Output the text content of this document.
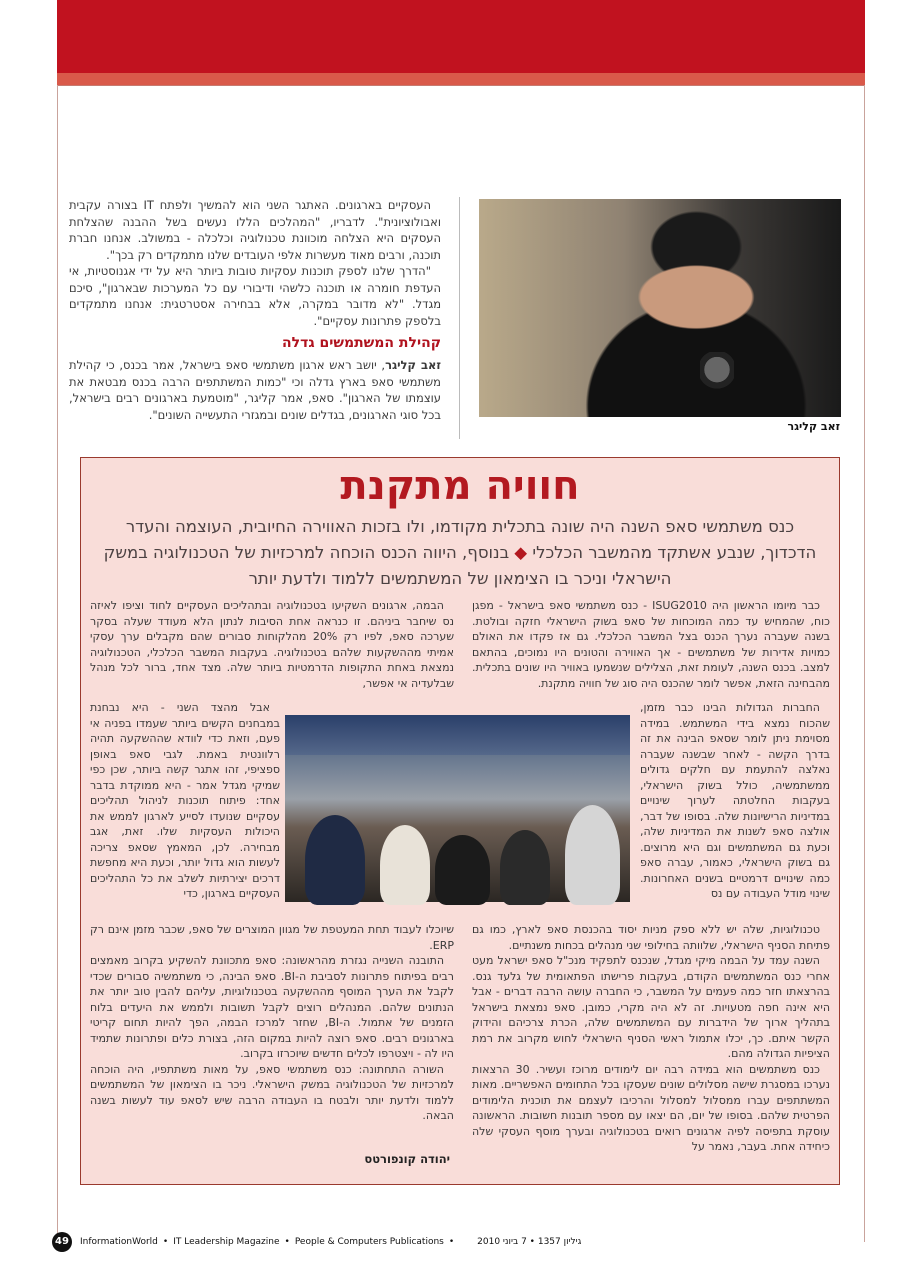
העסקיים בארגונים. האתגר השני הוא להמשיך ולפתח IT בצורה עקבית ואבולוציונית". לדבריו, "המהלכים הללו נעשים בשל ההבנה שהצלחת העסקים היא הצלחה מוכוונת טכנולוגיה וכלכלה - במשולב. אנחנו חברת תוכנה, ורבים מאוד מעשרות אלפי העובדים שלנו מתמקדים רק בכך".

"הדרך שלנו לספק תוכנות עסקיות טובות ביותר היא על ידי אגנוסטיות, אי העדפת חומרה או תוכנה כלשהי ודיבורי עם כל המערכות שבארגון", סיכם מגדל. "לא מדובר במקרה, אלא בבחירה אסטרטגית: אנחנו מתמקדים בלספק פתרונות עסקיים".

קהילת המשתמשים גדלה

זאב קליגר, יושב ראש ארגון משתמשי סאפ בישראל, אמר בכנס, כי קהילת משתמשי סאפ בארץ גדלה וכי "כמות המשתתפים הרבה בכנס מבטאת את עוצמתו של הארגון". סאפ, אמר קליגר, "מוטמעת בארגונים רבים בישראל, בכל סוגי הארגונים, בגדלים שונים ובמגזרי התעשייה השונים".

זאב קליגר
חוויה מתקנת
כנס משתמשי סאפ השנה היה שונה בתכלית מקודמו, ולו בזכות האווירה החיובית, העוצמה והעדר הדכדוך, שנבע אשתקד מהמשבר הכלכלי ◆ בנוסף, היווה הכנס הוכחה למרכזיות של הטכנולוגיה במשק הישראלי וניכר בו הצימאון של המשתמשים ללמוד ולדעת יותר

כבר מיומו הראשון היה ISUG2010 - כנס משתמשי סאפ בישראל - מפגן כוח, שהמחיש עד כמה המוכחות של סאפ בשוק הישראלי חזקה ובולטת. בשנה שעברה נערך הכנס בצל המשבר הכלכלי. גם אז פקדו את האולם כמויות אדירות של משתמשים - אך האווירה והטונים היו נמוכים, בהתאם למצב. בכנס השנה, לעומת זאת, הצלילים שנשמעו באוויר היו שונים בתכלית. מהבחינה הזאת, אפשר לומר שהכנס היה סוג של חוויה מתקנת.

החברות הגדולות הבינו כבר מזמן, שהכוח נמצא בידי המשתמש. במידה מסוימת ניתן לומר שסאפ הבינה את זה בדרך הקשה - לאחר שבשנה שעברה נאלצה להתעמת עם חלקים גדולים ממשתמשיה, כולל בשוק הישראלי, בעקבות החלטתה לערוך שינויים במדיניות הרישיונות שלה. בסופו של דבר, אולצה סאפ לשנות את המדיניות שלה, וכעת גם המשתמשים וגם היא מרוצים. גם בשוק הישראלי, כאמור, עברה סאפ כמה שינויים דרמטיים בשנים האחרונות. שינוי מודל העבודה עם נס

טכנולוגיות, שלה יש ללא ספק מניות יסוד בהכנסת סאפ לארץ, כמו גם פתיחת הסניף הישראלי, שלוותה בחילופי שני מנהלים בכחות משנתיים.

השנה עמד על הבמה מיקי מגדל, שנכנס לתפקיד מנכ"ל סאפ ישראל מעט אחרי כנס המשתמשים הקודם, בעקבות פרישתו הפתאומית של גלעד גנס. בהרצאתו חזר כמה פעמים על המשבר, כי החברה עושה הרבה דברים - אבל היא אינה חפה מטעויות. זה לא היה מקרי, כמובן. סאפ נמצאת בישראל בתהליך ארוך של הידברות עם המשתמשים שלה, הכרת צרכיהם והידוק הקשר איתם. כך, יכלו אתמול ראשי הסניף הישראלי לחוש מקרוב את רמת הציפיות הגדולה מהם.

כנס משתמשים הוא במידה רבה יום לימודים מרוכז ועשיר. 30 הרצאות נערכו במסגרת שישה מסלולים שונים שעסקו בכל התחומים האפשריים. מאות המשתתפים עברו ממסלול למסלול והרכיבו לעצמם את תוכנית הלימודים הפרטית שלהם. בסופו של יום, הם יצאו עם מספר תובנות חשובות. הראשונה עוסקת בתפיסה לפיה ארגונים רואים בטכנולוגיה ובערך מוסף העסקי שלה כיחידה אחת. בעבר, נאמר על

הבמה, ארגונים השקיעו בטכנולוגיה ובתהליכים העסקיים לחוד וציפו לאיזה נס שיחבר ביניהם. זו כנראה אחת הסיבות לנתון הלא מעודד שעלה בסקר שערכה סאפ, לפיו רק 20% מהלקוחות סבורים שהם מקבלים ערך עסקי אמיתי מההשקעות שלהם בטכנולוגיה. בעקבות המשבר הכלכלי, הטכנולוגיה נמצאת באחת התקופות הדרמטיות ביותר שלה. מצד אחד, ברור לכל מנהל שבלעדיה אי אפשר,

אבל מהצד השני - היא נבחנת במבחנים הקשים ביותר שעמדו בפניה אי פעם, וזאת כדי לוודא שההשקעה תהיה רלוונטית באמת. לגבי סאפ באופן ספציפי, זהו אתגר קשה ביותר, שכן כפי שמיקי מגדל אמר - היא ממוקדת בדבר אחד: פיתוח תוכנות לניהול תהליכים עסקיים שנועדו לסייע לארגון לממש את היכולות העסקיות שלו. זאת, אגב מבחירה. לכן, המאמץ שסאפ צריכה לעשות הוא גדול יותר, וכעת היא מחפשת דרכים יצירתיות לשלב את כל התהליכים העסקיים בארגון, כדי

שיוכלו לעבוד תחת המעטפת של מגוון המוצרים של סאפ, שכבר מזמן אינם רק ERP.

התובנה השנייה נגזרת מהראשונה: סאפ מתכוונת להשקיע בקרוב מאמצים רבים בפיתוח פתרונות לסביבת ה-BI. סאפ הבינה, כי משתמשיה סבורים שכדי לקבל את הערך המוסף מההשקעה בטכנולוגיות, עליהם להבין טוב יותר את הנתונים שלהם. המנהלים רוצים לקבל תשובות ולממש את היעדים בלוח הזמנים של אתמול. ה-BI, שחזר למרכז הבמה, הפך להיות תחום קריטי בארגונים רבים. סאפ רוצה להיות במקום הזה, בצורת כלים ופתרונות שתמיד היו לה - ויצטרפו לכלים חדשים שיוכרזו בקרוב.

השורה התחתונה: כנס משתמשי סאפ, על מאות משתתפיו, היה הוכחה למרכזיות של הטכנולוגיה במשק הישראלי. ניכר בו הצימאון של המשתמשים ללמוד ולדעת יותר ולבטח בו העבודה הרבה שיש לסאפ עוד לעשות בשנה הבאה.

יהודה קונפורטס
49	InformationWorld • IT Leadership Magazine • People & Computers Publications •	גיליון 1357 • 7 ביוני 2010
